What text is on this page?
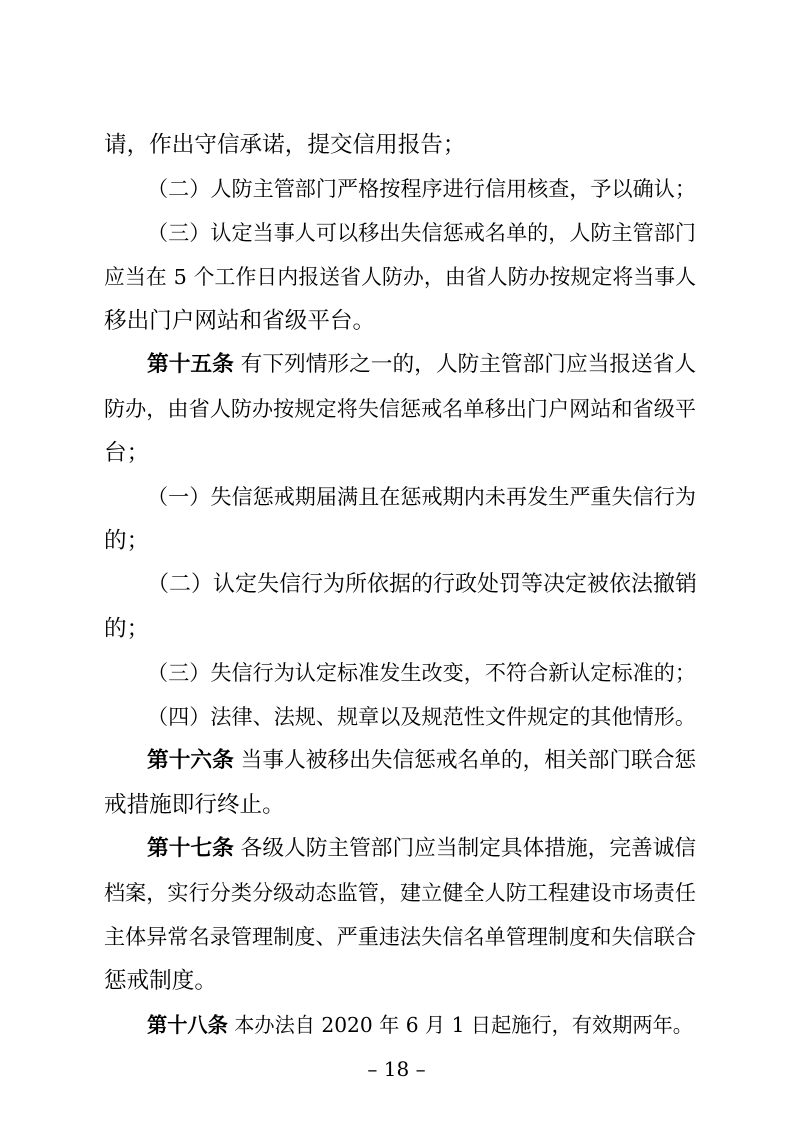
请，作出守信承诺，提交信用报告；
（二）人防主管部门严格按程序进行信用核查，予以确认；
（三）认定当事人可以移出失信惩戒名单的，人防主管部门
应当在 5 个工作日内报送省人防办，由省人防办按规定将当事人
移出门户网站和省级平台。
第十五条 有下列情形之一的，人防主管部门应当报送省人
防办，由省人防办按规定将失信惩戒名单移出门户网站和省级平
台；
（一）失信惩戒期届满且在惩戒期内未再发生严重失信行为
的；
（二）认定失信行为所依据的行政处罚等决定被依法撤销
的；
（三）失信行为认定标准发生改变，不符合新认定标准的；
（四）法律、法规、规章以及规范性文件规定的其他情形。
第十六条 当事人被移出失信惩戒名单的，相关部门联合惩
戒措施即行终止。
第十七条 各级人防主管部门应当制定具体措施，完善诚信
档案，实行分类分级动态监管，建立健全人防工程建设市场责任
主体异常名录管理制度、严重违法失信名单管理制度和失信联合
惩戒制度。
第十八条 本办法自 2020 年 6 月 1 日起施行，有效期两年。
– 18 –
